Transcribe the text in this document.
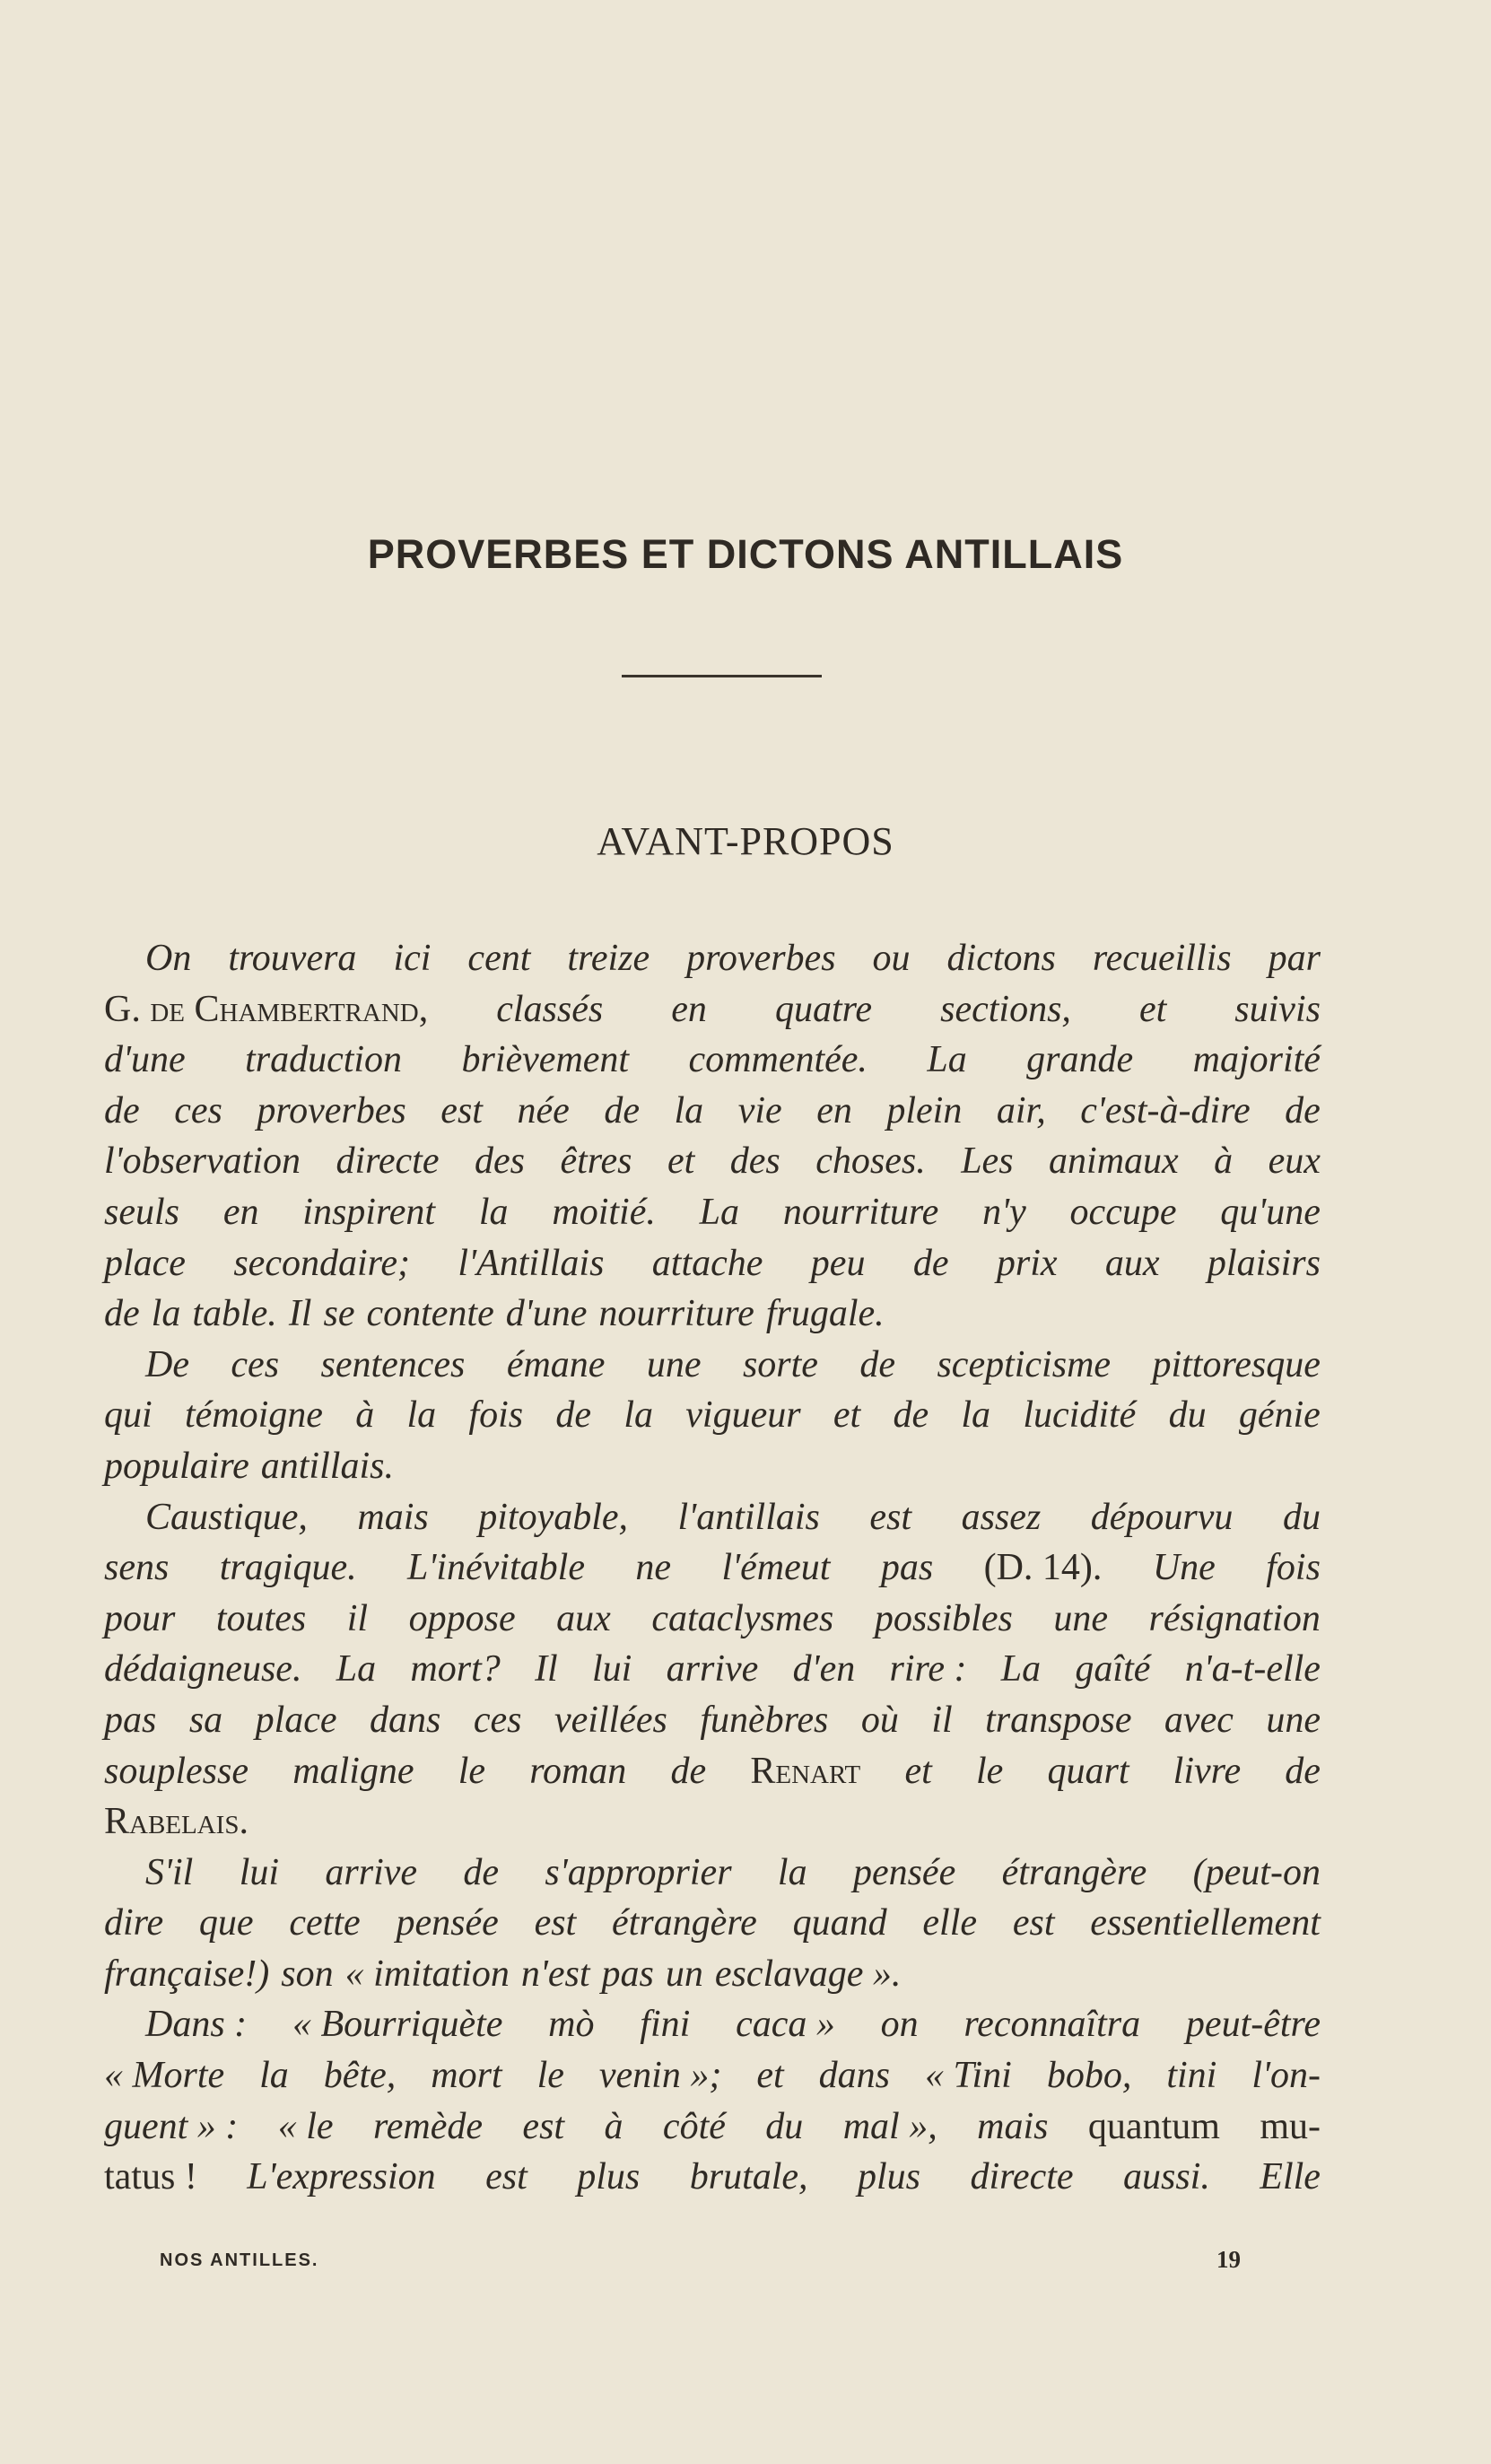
PROVERBES ET DICTONS ANTILLAIS
AVANT-PROPOS
On trouvera ici cent treize proverbes ou dictons recueillis par
G. de Chambertrand, classés en quatre sections, et suivis
d'une traduction brièvement commentée. La grande majorité
de ces proverbes est née de la vie en plein air, c'est-à-dire de
l'observation directe des êtres et des choses. Les animaux à eux
seuls en inspirent la moitié. La nourriture n'y occupe qu'une
place secondaire; l'Antillais attache peu de prix aux plaisirs
de la table. Il se contente d'une nourriture frugale.
De ces sentences émane une sorte de scepticisme pittoresque
qui témoigne à la fois de la vigueur et de la lucidité du génie
populaire antillais.
Caustique, mais pitoyable, l'antillais est assez dépourvu du
sens tragique. L'inévitable ne l'émeut pas (D. 14). Une fois
pour toutes il oppose aux cataclysmes possibles une résignation
dédaigneuse. La mort? Il lui arrive d'en rire : La gaîté n'a-t-elle
pas sa place dans ces veillées funèbres où il transpose avec une
souplesse maligne le roman de Renart et le quart livre de
Rabelais.
S'il lui arrive de s'approprier la pensée étrangère (peut-on
dire que cette pensée est étrangère quand elle est essentiellement
française!) son « imitation n'est pas un esclavage ».
Dans : « Bourriquète mò fini caca » on reconnaîtra peut-être
« Morte la bête, mort le venin »; et dans « Tini bobo, tini l'on-
guent » : « le remède est à côté du mal », mais quantum mu-
tatus ! L'expression est plus brutale, plus directe aussi. Elle
NOS ANTILLES.	19
